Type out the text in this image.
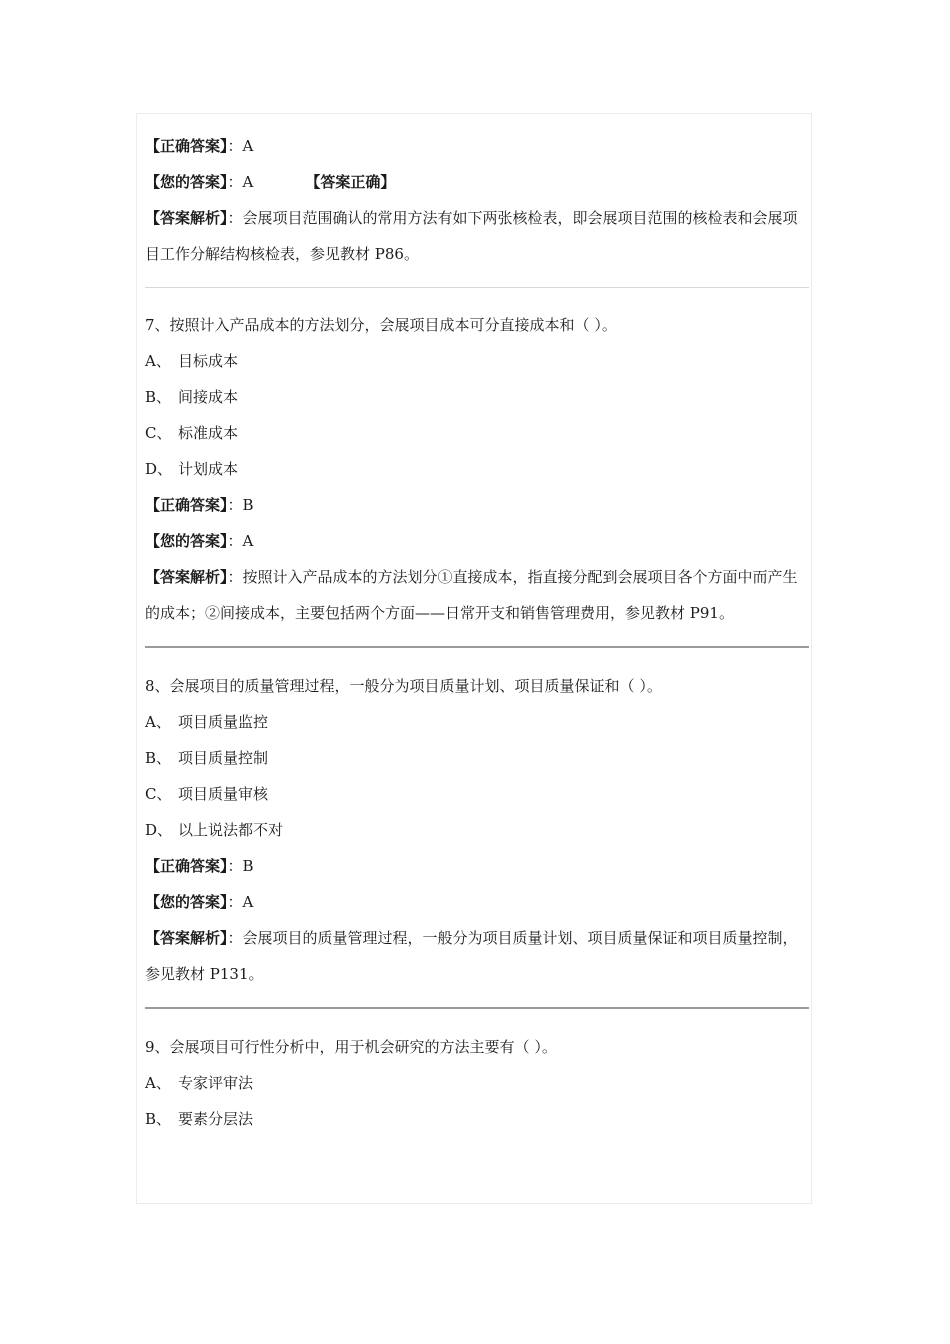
【正确答案】：A
【您的答案】：A	【答案正确】
【答案解析】：会展项目范围确认的常用方法有如下两张核检表，即会展项目范围的核检表和会展项目工作分解结构核检表，参见教材 P86。
7、按照计入产品成本的方法划分，会展项目成本可分直接成本和（ ）。
A、 目标成本
B、 间接成本
C、 标准成本
D、 计划成本
【正确答案】：B
【您的答案】：A
【答案解析】：按照计入产品成本的方法划分①直接成本，指直接分配到会展项目各个方面中而产生的成本；②间接成本，主要包括两个方面——日常开支和销售管理费用，参见教材 P91。
8、会展项目的质量管理过程，一般分为项目质量计划、项目质量保证和（ ）。
A、 项目质量监控
B、 项目质量控制
C、 项目质量审核
D、 以上说法都不对
【正确答案】：B
【您的答案】：A
【答案解析】：会展项目的质量管理过程，一般分为项目质量计划、项目质量保证和项目质量控制，参见教材 P131。
9、会展项目可行性分析中，用于机会研究的方法主要有（ ）。
A、 专家评审法
B、 要素分层法
